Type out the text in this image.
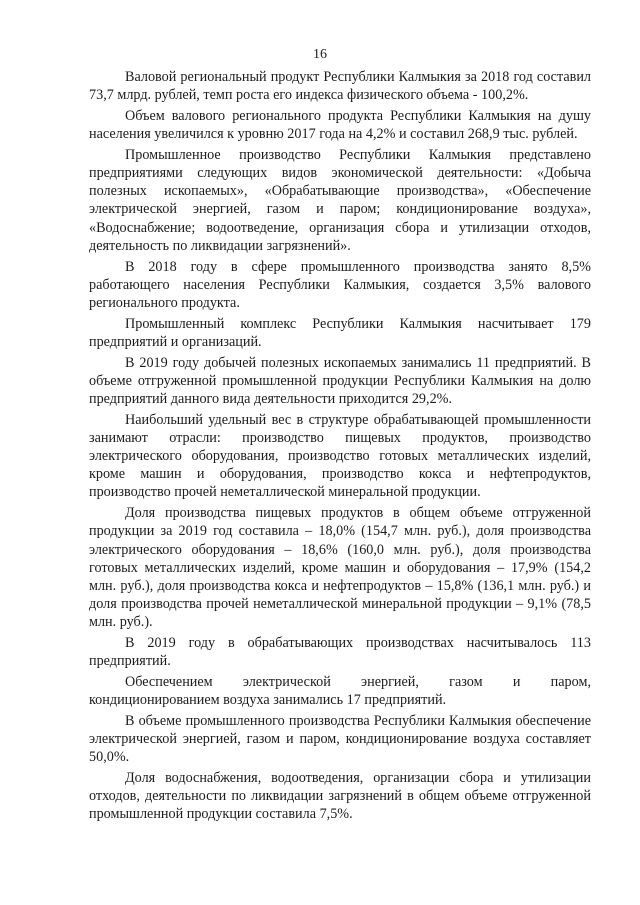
16

Валовой региональный продукт Республики Калмыкия за 2018 год составил 73,7 млрд. рублей, темп роста его индекса физического объема - 100,2%.

Объем валового регионального продукта Республики Калмыкия на душу населения увеличился к уровню 2017 года на 4,2% и составил 268,9 тыс. рублей.

Промышленное производство Республики Калмыкия представлено предприятиями следующих видов экономической деятельности: «Добыча полезных ископаемых», «Обрабатывающие производства», «Обеспечение электрической энергией, газом и паром; кондиционирование воздуха», «Водоснабжение; водоотведение, организация сбора и утилизации отходов, деятельность по ликвидации загрязнений».

В 2018 году в сфере промышленного производства занято 8,5% работающего населения Республики Калмыкия, создается 3,5% валового регионального продукта.

Промышленный комплекс Республики Калмыкия насчитывает 179 предприятий и организаций.

В 2019 году добычей полезных ископаемых занимались 11 предприятий. В объеме отгруженной промышленной продукции Республики Калмыкия на долю предприятий данного вида деятельности приходится 29,2%.

Наибольший удельный вес в структуре обрабатывающей промышленности занимают отрасли: производство пищевых продуктов, производство электрического оборудования, производство готовых металлических изделий, кроме машин и оборудования, производство кокса и нефтепродуктов, производство прочей неметаллической минеральной продукции.

Доля производства пищевых продуктов в общем объеме отгруженной продукции за 2019 год составила – 18,0% (154,7 млн. руб.), доля производства электрического оборудования – 18,6% (160,0 млн. руб.), доля производства готовых металлических изделий, кроме машин и оборудования – 17,9% (154,2 млн. руб.), доля производства кокса и нефтепродуктов – 15,8% (136,1 млн. руб.) и доля производства прочей неметаллической минеральной продукции – 9,1% (78,5 млн. руб.).

В 2019 году в обрабатывающих производствах насчитывалось 113 предприятий.

Обеспечением электрической энергией, газом и паром, кондиционированием воздуха занимались 17 предприятий.

В объеме промышленного производства Республики Калмыкия обеспечение электрической энергией, газом и паром, кондиционирование воздуха составляет 50,0%.

Доля водоснабжения, водоотведения, организации сбора и утилизации отходов, деятельности по ликвидации загрязнений в общем объеме отгруженной промышленной продукции составила 7,5%.
